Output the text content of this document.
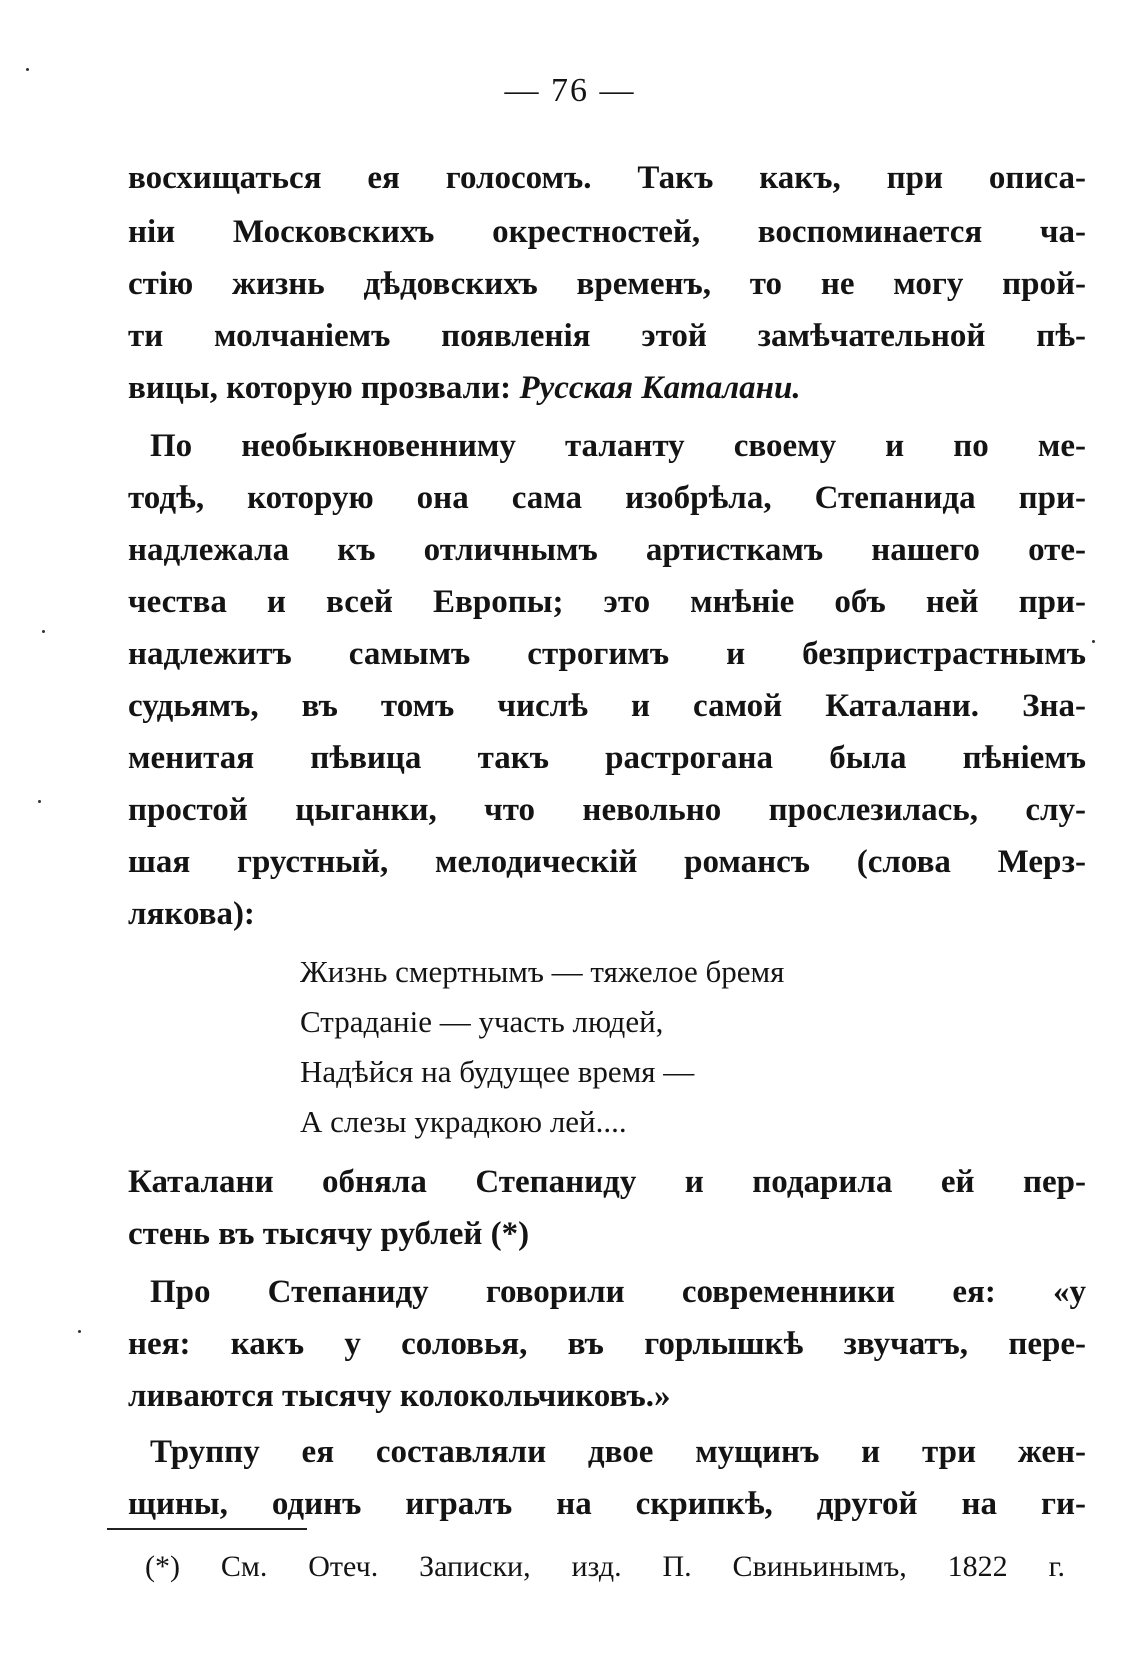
— 76 —
восхищаться ея голосомъ. Такъ какъ, при описа-
ніи Московскихъ окрестностей, воспоминается ча-
стію жизнь дѣдовскихъ временъ, то не могу прой-
ти молчаніемъ появленія этой замѣчательной пѣ-
вицы, которую прозвали: Русская Каталани.
По необыкновенниму таланту своему и по ме-
тодѣ, которую она сама изобрѣла, Степанида при-
надлежала къ отличнымъ артисткамъ нашего оте-
чества и всей Европы; это мнѣніе объ ней при-
надлежитъ самымъ строгимъ и безпристрастнымъ
судьямъ, въ томъ числѣ и самой Каталани. Зна-
менитая пѣвица такъ растрогана была пѣніемъ
простой цыганки, что невольно прослезилась, слу-
шая грустный, мелодическій романсъ (слова Мерз-
лякова):
Жизнь смертнымъ — тяжелое бремя
Страданіе — участь людей,
Надѣйся на будущее время —
А слезы украдкою лей....
Каталани обняла Степаниду и подарила ей пер-
стень въ тысячу рублей (*)
Про Степаниду говорили современники ея: «у
нея: какъ у соловья, въ горлышкѣ звучатъ, пере-
ливаются тысячу колокольчиковъ.»
Труппу ея составляли двое мущинъ и три жен-
щины, одинъ игралъ на скрипкѣ, другой на ги-
(*) См. Отеч. Записки, изд. П. Свиньинымъ, 1822 г.
